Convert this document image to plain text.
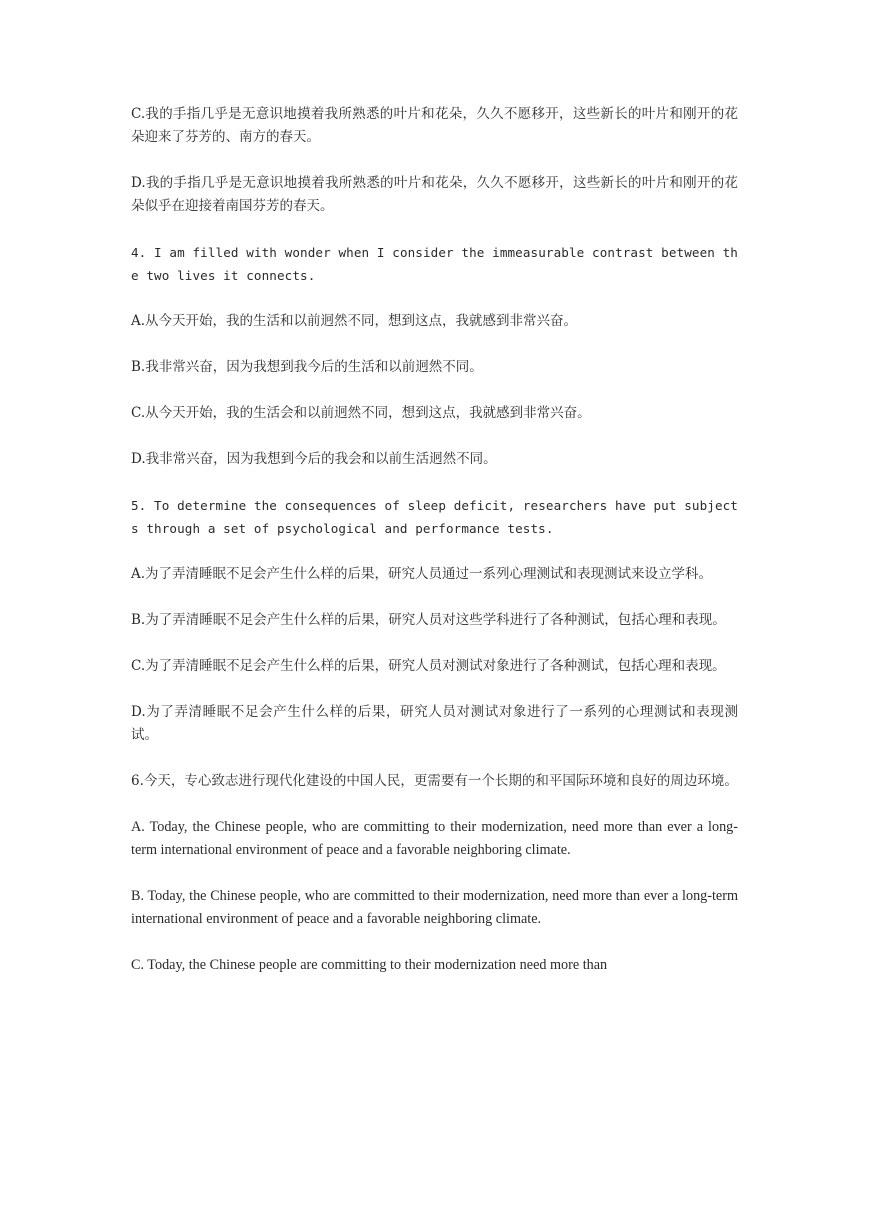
C.我的手指几乎是无意识地摸着我所熟悉的叶片和花朵，久久不愿移开，这些新长的叶片和刚开的花朵迎来了芬芳的、南方的春天。

D.我的手指几乎是无意识地摸着我所熟悉的叶片和花朵，久久不愿移开，这些新长的叶片和刚开的花朵似乎在迎接着南国芬芳的春天。

4. I am filled with wonder when I consider the immeasurable contrast between the two lives it connects.

A.从今天开始，我的生活和以前迥然不同，想到这点，我就感到非常兴奋。

B.我非常兴奋，因为我想到我今后的生活和以前迥然不同。

C.从今天开始，我的生活会和以前迥然不同，想到这点，我就感到非常兴奋。

D.我非常兴奋，因为我想到今后的我会和以前生活迥然不同。

5. To determine the consequences of sleep deficit, researchers have put subjects through a set of psychological and performance tests.

A.为了弄清睡眠不足会产生什么样的后果，研究人员通过一系列心理测试和表现测试来设立学科。

B.为了弄清睡眠不足会产生什么样的后果，研究人员对这些学科进行了各种测试，包括心理和表现。

C.为了弄清睡眠不足会产生什么样的后果，研究人员对测试对象进行了各种测试，包括心理和表现。

D.为了弄清睡眠不足会产生什么样的后果，研究人员对测试对象进行了一系列的心理测试和表现测试。

6.今天，专心致志进行现代化建设的中国人民，更需要有一个长期的和平国际环境和良好的周边环境。

A. Today, the Chinese people, who are committing to their modernization, need more than ever a long-term international environment of peace and a favorable neighboring climate.

B. Today, the Chinese people, who are committed to their modernization, need more than ever a long-term international environment of peace and a favorable neighboring climate.

C. Today, the Chinese people are committing to their modernization need more than
